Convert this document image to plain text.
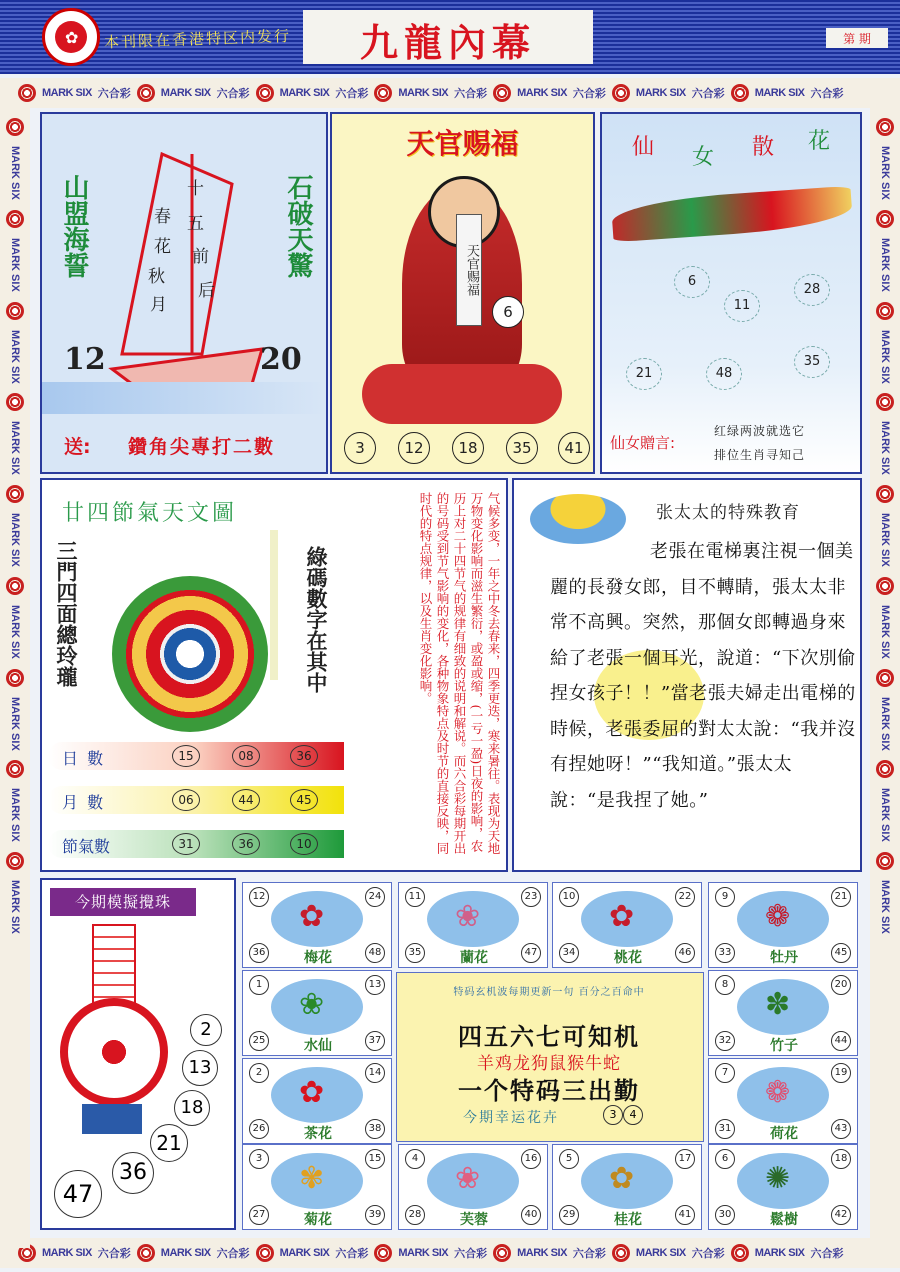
✿ 本刊限在香港特区内发行	九龍內幕	第 期
MARK SIX 六合彩	MARK SIX 六合彩	MARK SIX 六合彩	MARK SIX 六合彩	MARK SIX 六合彩	MARK SIX 六合彩	MARK SIX 六合彩
MARK SIX 六合彩	MARK SIX 六合彩	MARK SIX 六合彩	MARK SIX 六合彩	MARK SIX 六合彩	MARK SIX 六合彩	MARK SIX 六合彩
MARK SIX
MARK SIX
MARK SIX
MARK SIX
MARK SIX
MARK SIX
MARK SIX
MARK SIX
MARK SIX
MARK SIX
MARK SIX
MARK SIX
MARK SIX
MARK SIX
MARK SIX
MARK SIX
MARK SIX
MARK SIX
山盟海誓	石破天驚
十
春 五
花 前
秋
后
月
12	20
送: 鑽角尖專打二數
天官赐福
天官赐福
6
3	12	18	35	41
仙 女 散 花
6
11
28
21	48
35
仙女贈言:
红绿两波就选它
排位生肖寻知己
廿四節氣天文圖
三門四面總玲瓏	綠碼數字在其中	气候多变，一年之中冬去春来，四季更迭，寒来暑往。表现为天地万物变化影响而滋生繁衍，或盈或缩，(一亏一盈)日夜的影响，农历上对二十四节气的规律有细致的说明和解说。而六合彩每期开出的号码受到节气影响的变化，各种物象特点及时节的直接反映，同时代的特点规律，以及生肖变化影响。
日 數	15	08	36
月 數	06	44	45
節氣數	31	36	10
张太太的特殊教育
老張在電梯裏注視一個美麗的長發女郎，目不轉睛，張太太非常不高興。突然，那個女郎轉過身來給了老張一個耳光，說道：“下次別偷捏女孩子！！”當老張夫婦走出電梯的時候，老張委屈的對太太說：“我并沒有捏她呀！”“我知道。”張太太說：“是我捏了她。”
今期模擬攪珠
2
13
18
21
36
47
✿
梅花
12	24
36	48
❀
蘭花
11	23
35	47
✿
桃花
10	22
34	46
❁
牡丹
9	21
33	45
❀
水仙
1	13
25	37
✽
竹子
8	20
32	44
✿
茶花
2	14
26	38
❁
荷花
7	19
31	43
✾
菊花
3	15
27	39
❀
芙蓉
4	16
28	40
✿
桂花
5	17
29	41
✺
鬆樹
6	18
30	42
特码玄机波每期更新一句 百分之百命中
四五六七可知机
羊鸡龙狗鼠猴牛蛇
一个特码三出勤
今期幸运花卉	3	4
